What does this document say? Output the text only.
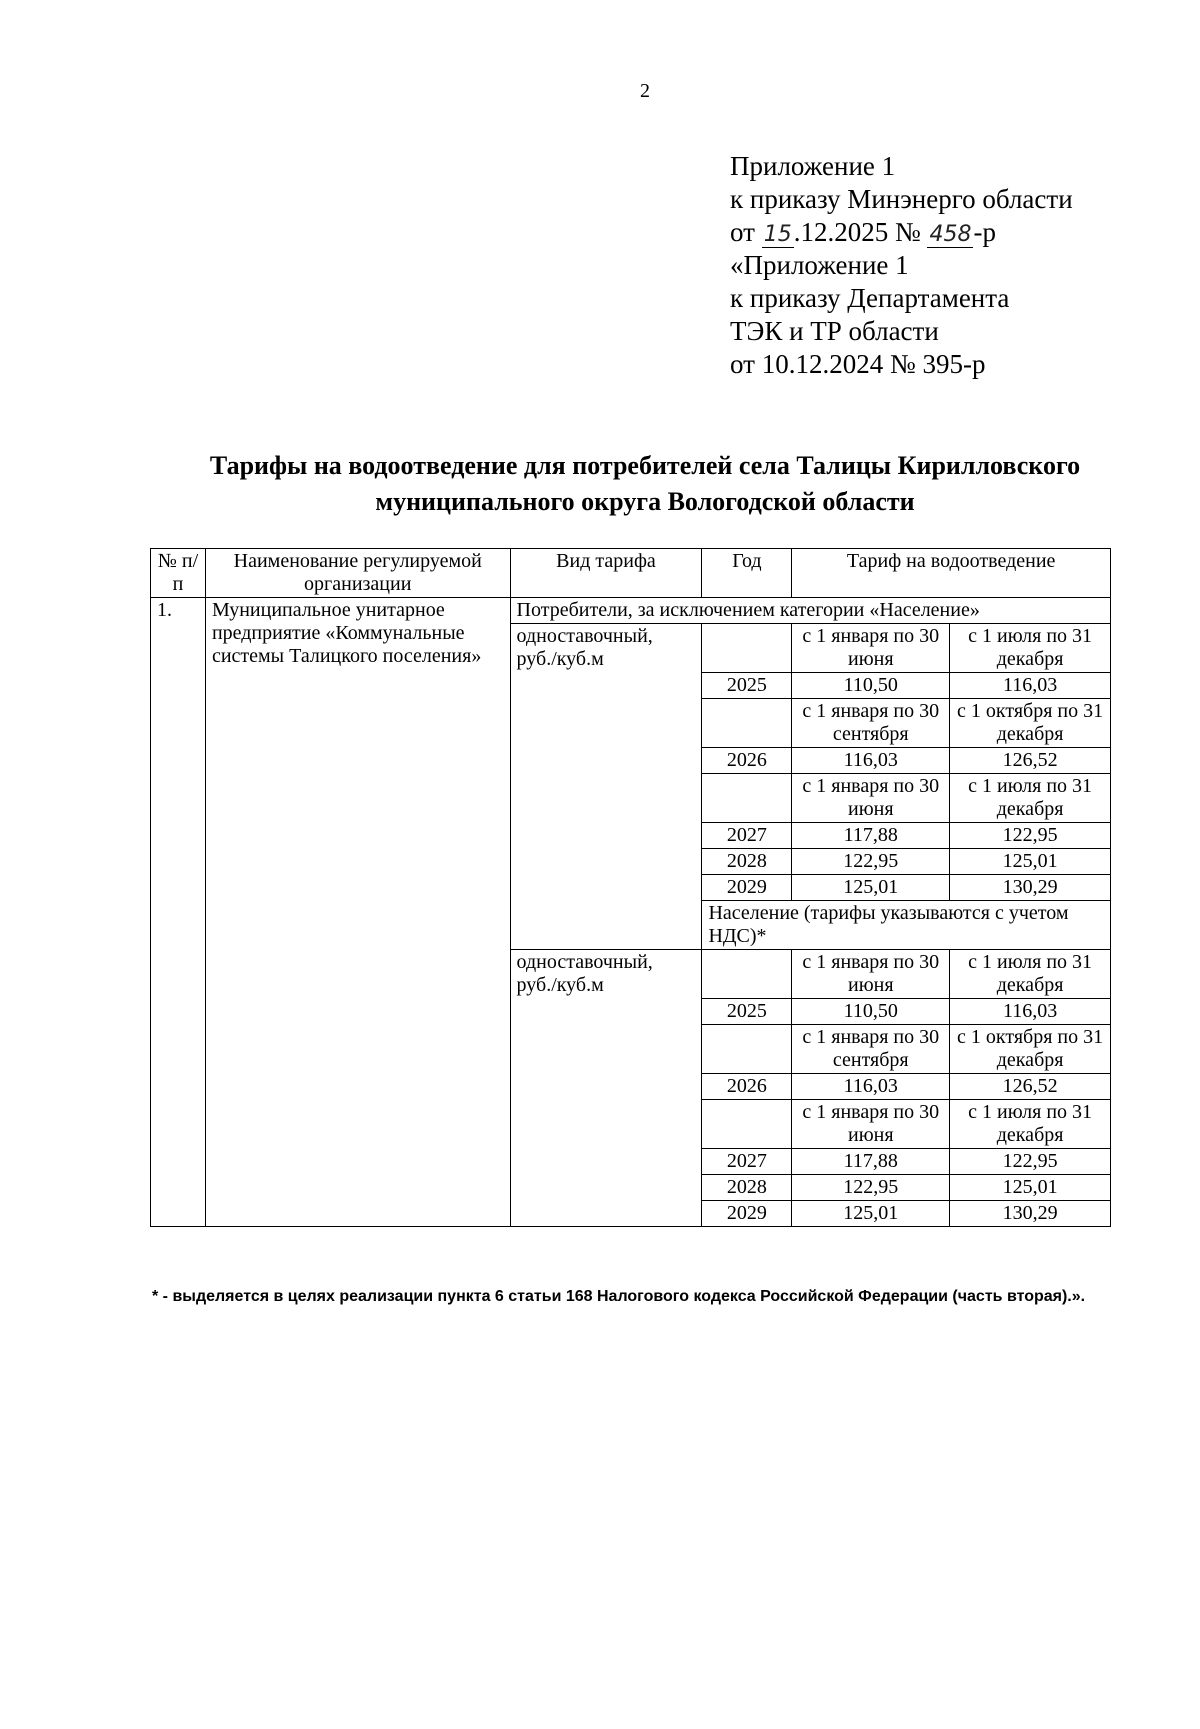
2
Приложение 1
к приказу Минэнерго области
от 15.12.2025 № 458-р
«Приложение 1
к приказу Департамента
ТЭК и ТР области
от 10.12.2024 № 395-р
Тарифы на водоотведение для потребителей села Талицы Кирилловского
муниципального округа Вологодской области
№ п/п	Наименование регулируемой организации	Вид тарифа	Год	Тариф на водоотведение	
1.	Муниципальное унитарное предприятие «Коммунальные системы Талицкого поселения»	Потребители, за исключением категории «Население»			
		одноставочный, руб./куб.м		с 1 января по 30 июня	с 1 июля по 31 декабря
			2025	110,50	116,03
				с 1 января по 30 сентября	с 1 октября по 31 декабря
			2026	116,03	126,52
				с 1 января по 30 июня	с 1 июля по 31 декабря
			2027	117,88	122,95
			2028	122,95	125,01
			2029	125,01	130,29
			Население (тарифы указываются с учетом НДС)*		
		одноставочный, руб./куб.м		с 1 января по 30 июня	с 1 июля по 31 декабря
			2025	110,50	116,03
				с 1 января по 30 сентября	с 1 октября по 31 декабря
			2026	116,03	126,52
				с 1 января по 30 июня	с 1 июля по 31 декабря
			2027	117,88	122,95
			2028	122,95	125,01
			2029	125,01	130,29
* - выделяется в целях реализации пункта 6 статьи 168 Налогового кодекса Российской Федерации (часть вторая).».
